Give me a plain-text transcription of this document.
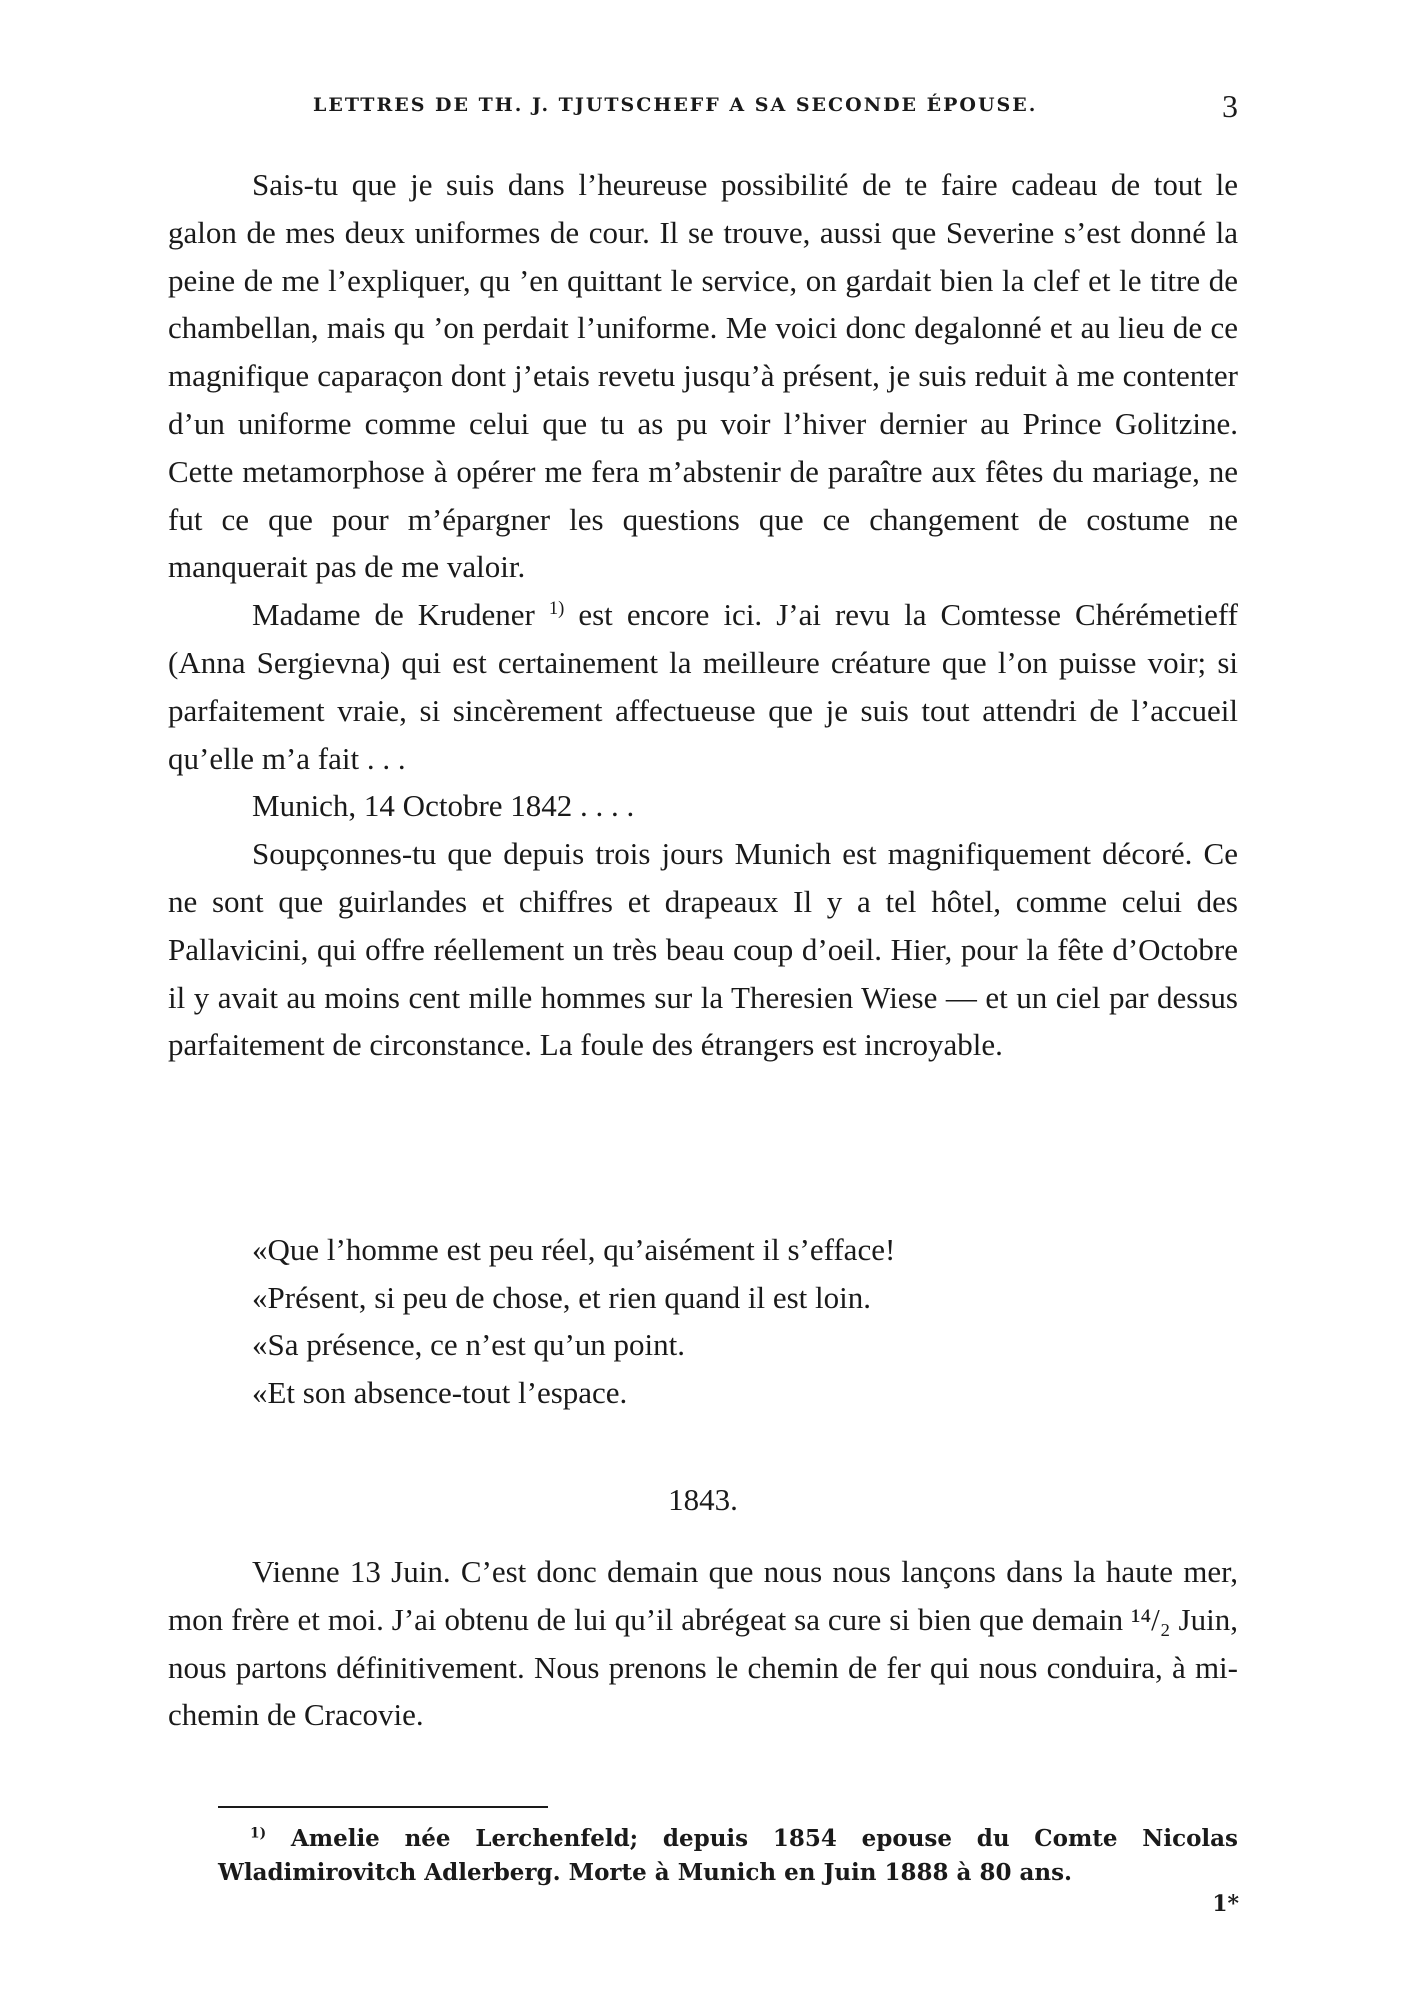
LETTRES DE TH. J. TJUTSCHEFF A SA SECONDE ÉPOUSE.	3

Sais-tu que je suis dans l’heureuse possibilité de te faire cadeau de tout le galon de mes deux uniformes de cour. Il se trouve, aussi que Severine s’est donné la peine de me l’expliquer, qu ’en quittant le service, on gardait bien la clef et le titre de chambellan, mais qu ’on perdait l’uniforme. Me voici donc degalonné et au lieu de ce magnifique caparaçon dont j’etais revetu jusqu’à présent, je suis reduit à me contenter d’un uniforme comme celui que tu as pu voir l’hiver dernier au Prince Golitzine. Cette metamorphose à opérer me fera m’abstenir de paraître aux fêtes du mariage, ne fut ce que pour m’épargner les questions que ce changement de costume ne manquerait pas de me valoir.

Madame de Krudener $^{1)}$ est encore ici. J’ai revu la Comtesse Chérémetieff (Anna Sergievna) qui est certainement la meilleure créature que l’on puisse voir; si parfaitement vraie, si sincèrement affectueuse que je suis tout attendri de l’accueil qu’elle m’a fait . . .

Munich, 14 Octobre 1842 . . . .

Soupçonnes-tu que depuis trois jours Munich est magnifiquement décoré. Ce ne sont que guirlandes et chiffres et drapeaux Il y a tel hôtel, comme celui des Pallavicini, qui offre réellement un très beau coup d’oeil. Hier, pour la fête d’Octobre il y avait au moins cent mille hommes sur la Theresien Wiese — et un ciel par dessus parfaitement de circonstance. La foule des étrangers est incroyable.

«Que l’homme est peu réel, qu’aisément il s’efface!

«Présent, si peu de chose, et rien quand il est loin.

«Sa présence, ce n’est qu’un point.

«Et son absence-tout l’espace.

1843.

Vienne 13 Juin. C’est donc demain que nous nous lançons dans la haute mer, mon frère et moi. J’ai obtenu de lui qu’il abrégeat sa cure si bien que demain ¹⁴/₂ Juin, nous partons définitivement. Nous prenons le chemin de fer qui nous conduira, à mi-chemin de Cracovie.

$^{1)}$ Amelie née Lerchenfeld; depuis 1854 epouse du Comte Nicolas Wladimirovitch Adlerberg. Morte à Munich en Juin 1888 à 80 ans.
1*
